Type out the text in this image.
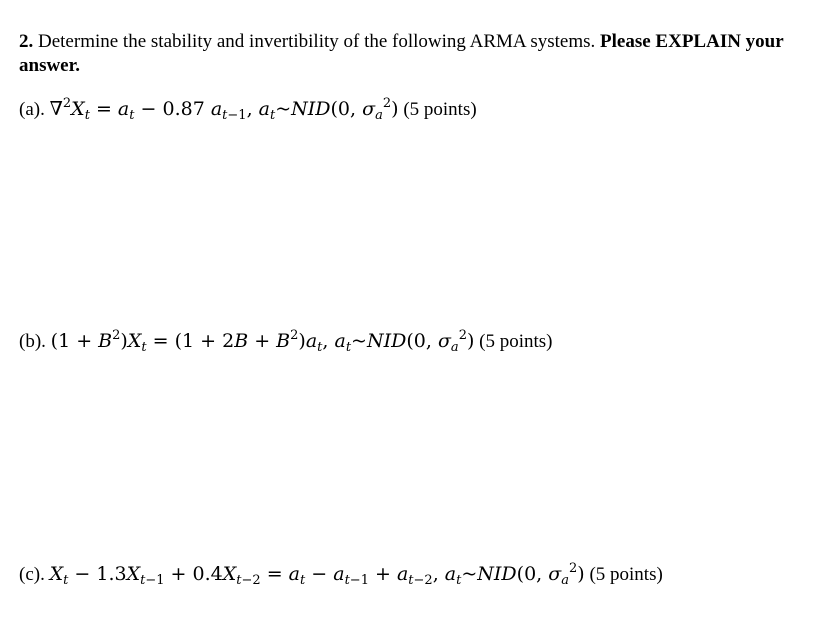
2. Determine the stability and invertibility of the following ARMA systems. Please EXPLAIN your answer.
(a). $\nabla^2X_t = a_t - 0.87$ $a_{t-1}$, $a_t\sim NID(0$, $\sigma_a^2$) (5 points)
(b). $(1 + B^2)X_t = (1 + 2B + B^2)a_t$, $a_t\sim NID(0$, $\sigma_a^2$) (5 points)
(c). $X_t - 1.3X_{t-1} + 0.4X_{t-2} = a_t - a_{t-1} + a_{t-2}$, $a_t\sim NID(0$, $\sigma_a^2$) (5 points)
